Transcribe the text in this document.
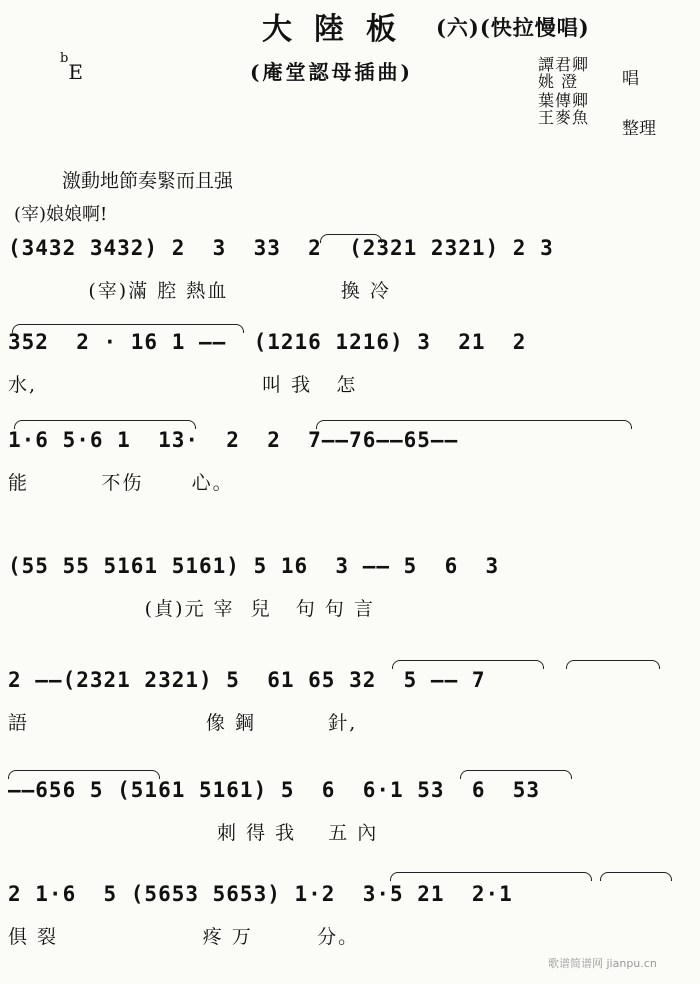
大陸板 (六)(快拉慢唱)
(庵堂認母插曲)
$^b$E	譚君卿
姚 澄	唱
葉傳卿
王麥魚
整理
激動地節奏緊而且强
(宰)娘娘啊!
(3432 3432) 2  3  33  2  (2321 2321) 2 3
(宰)滿 腔 熱血              換 冷
352  2 · 16 1 ——  (1216 1216) 3  21  2
水,                            叫 我   怎
1·6 5·6 1  13·  2  2  7——76——65——
能         不伤      心。
(55 55 5161 5161) 5 16  3 —— 5  6  3
(貞)元 宰  兒   句 句 言
2 ——(2321 2321) 5  61 65 32  5 —— 7
語                      像 鋼         針,
——656 5 (5161 5161) 5  6  6·1 53  6  53
刺 得 我    五 內
2 1·6  5 (5653 5653) 1·2  3·5 21  2·1
俱 裂                  疼 万        分。
歌谱简谱网 jianpu.cn
